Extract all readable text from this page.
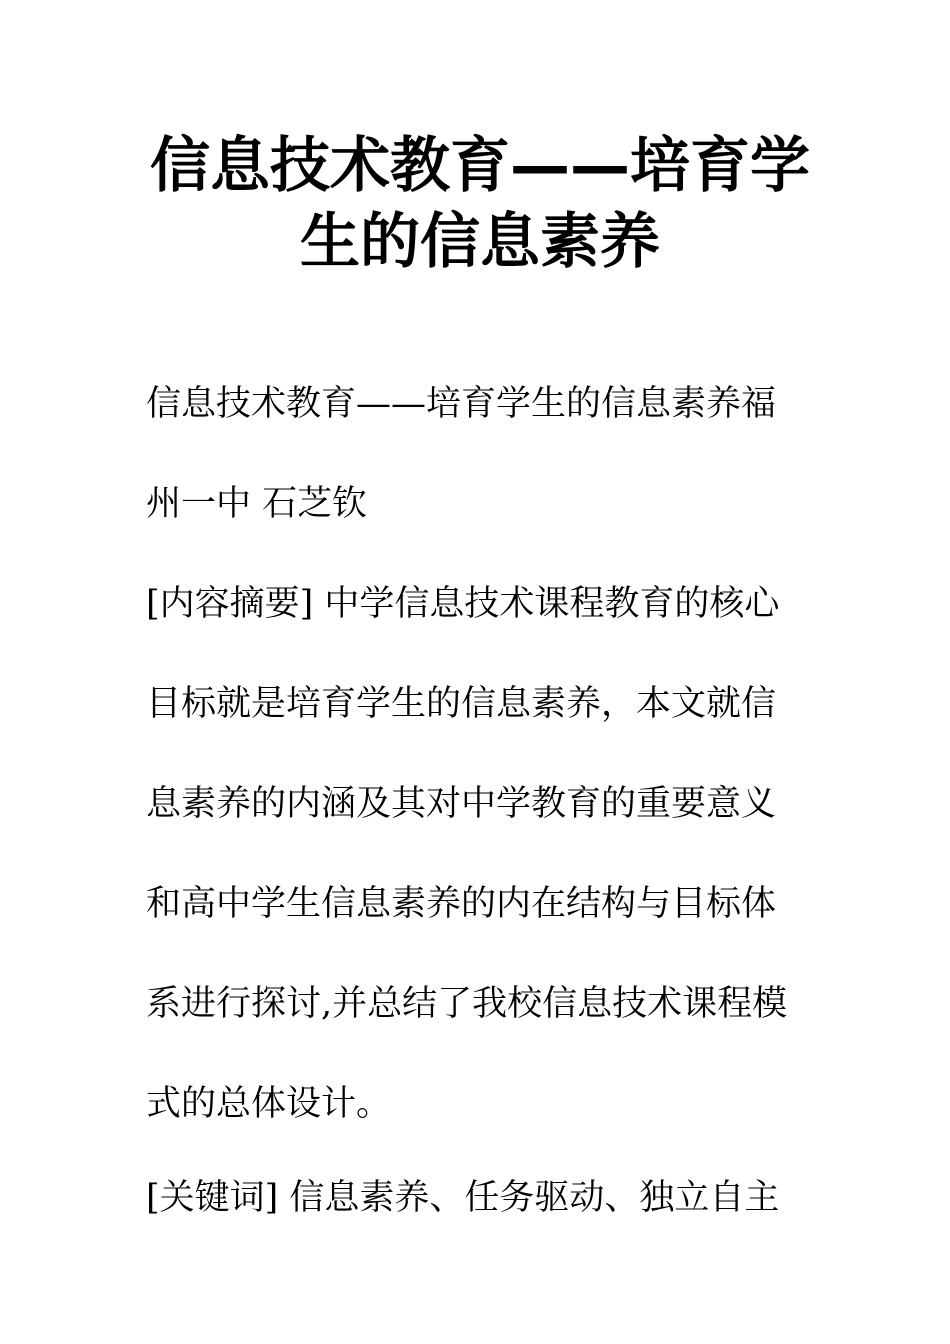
信息技术教育——培育学
生的信息素养

信息技术教育——培育学生的信息素养福

州一中 石芝钦

[内容摘要] 中学信息技术课程教育的核心

目标就是培育学生的信息素养，本文就信

息素养的内涵及其对中学教育的重要意义

和高中学生信息素养的内在结构与目标体

系进行探讨,并总结了我校信息技术课程模

式的总体设计。

[关键词] 信息素养、任务驱动、独立自主
